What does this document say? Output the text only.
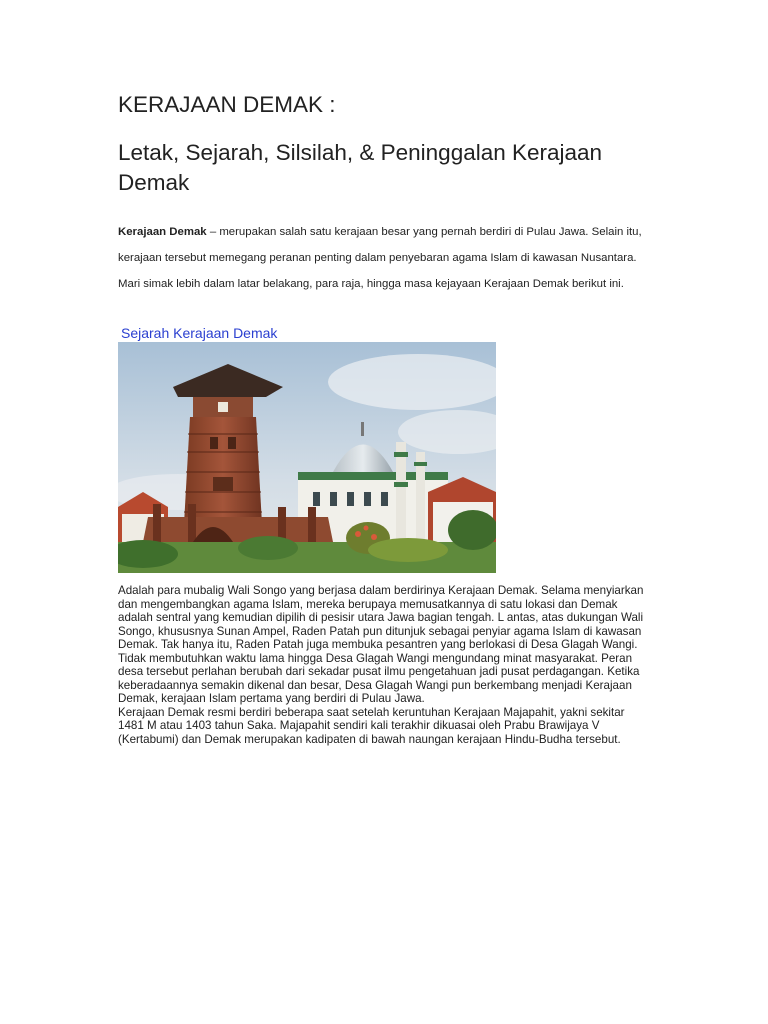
KERAJAAN DEMAK :
Letak, Sejarah, Silsilah, & Peninggalan Kerajaan Demak
Kerajaan Demak – merupakan salah satu kerajaan besar yang pernah berdiri di Pulau Jawa. Selain itu, kerajaan tersebut memegang peranan penting dalam penyebaran agama Islam di kawasan Nusantara. Mari simak lebih dalam latar belakang, para raja, hingga masa kejayaan Kerajaan Demak berikut ini.
Sejarah Kerajaan Demak

Adalah para mubalig Wali Songo yang berjasa dalam berdirinya Kerajaan Demak. Selama menyiarkan dan mengembangkan agama Islam, mereka berupaya memusatkannya di satu lokasi dan Demak adalah sentral yang kemudian dipilih di pesisir utara Jawa bagian tengah. L antas, atas dukungan Wali Songo, khususnya Sunan Ampel, Raden Patah pun ditunjuk sebagai penyiar agama Islam di kawasan Demak. Tak hanya itu, Raden Patah juga membuka pesantren yang berlokasi di Desa Glagah Wangi.

Tidak membutuhkan waktu lama hingga Desa Glagah Wangi mengundang minat masyarakat. Peran desa tersebut perlahan berubah dari sekadar pusat ilmu pengetahuan jadi pusat perdagangan. Ketika keberadaannya semakin dikenal dan besar, Desa Glagah Wangi pun berkembang menjadi Kerajaan Demak, kerajaan Islam pertama yang berdiri di Pulau Jawa.

Kerajaan Demak resmi berdiri beberapa saat setelah keruntuhan Kerajaan Majapahit, yakni sekitar 1481 M atau 1403 tahun Saka. Majapahit sendiri kali terakhir dikuasai oleh Prabu Brawijaya V (Kertabumi) dan Demak merupakan kadipaten di bawah naungan kerajaan Hindu-Budha tersebut.
